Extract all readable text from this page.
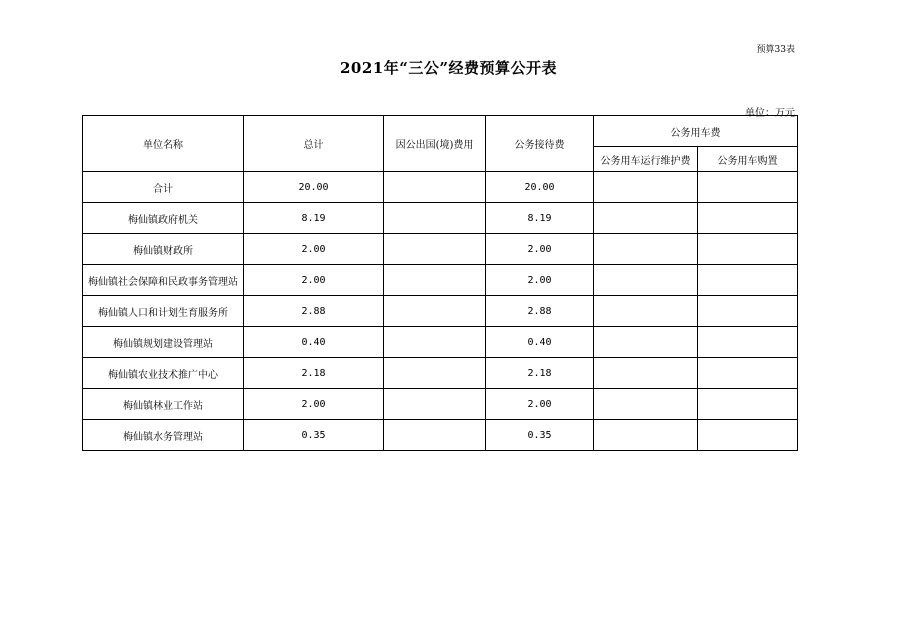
预算33表
2021年“三公”经费预算公开表
单位：万元
单位名称	总计	因公出国(境)费用	公务接待费	公务用车费	
				公务用车运行维护费	公务用车购置
合计	20.00		20.00		
梅仙镇政府机关	8.19		8.19		
梅仙镇财政所	2.00		2.00		
梅仙镇社会保障和民政事务管理站	2.00		2.00		
梅仙镇人口和计划生育服务所	2.88		2.88		
梅仙镇规划建设管理站	0.40		0.40		
梅仙镇农业技术推广中心	2.18		2.18		
梅仙镇林业工作站	2.00		2.00		
梅仙镇水务管理站	0.35		0.35		
